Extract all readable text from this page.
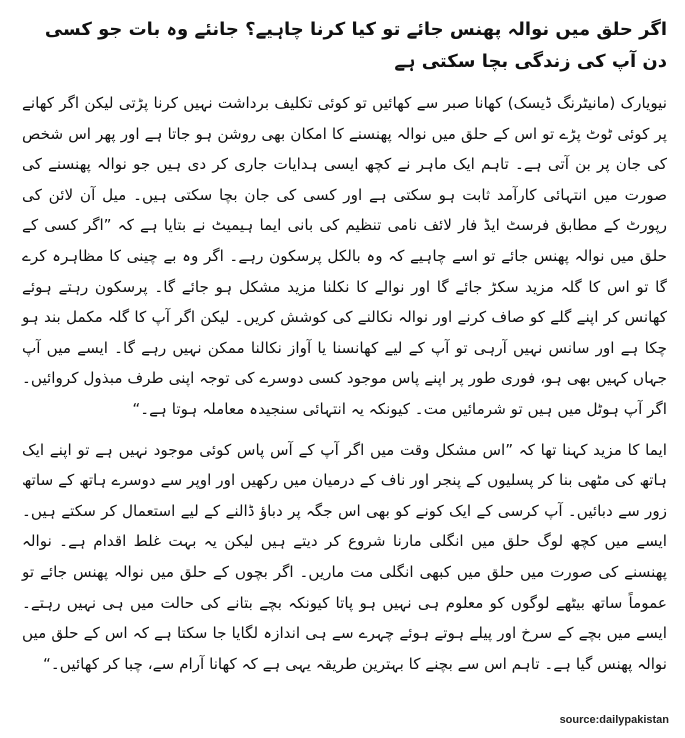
اگر حلق میں نوالہ پھنس جائے تو کیا کرنا چاہیے؟ جانئے وہ بات جو کسی دن آپ کی زندگی بچا سکتی ہے

نیویارک (مانیٹرنگ ڈیسک) کھانا صبر سے کھائیں تو کوئی تکلیف برداشت نہیں کرنا پڑتی لیکن اگر کھانے پر کوئی ٹوٹ پڑے تو اس کے حلق میں نوالہ پھنسنے کا امکان بھی روشن ہو جاتا ہے اور پھر اس شخص کی جان پر بن آتی ہے۔ تاہم ایک ماہر نے کچھ ایسی ہدایات جاری کر دی ہیں جو نوالہ پھنسنے کی صورت میں انتہائی کارآمد ثابت ہو سکتی ہے اور کسی کی جان بچا سکتی ہیں۔ میل آن لائن کی رپورٹ کے مطابق فرسٹ ایڈ فار لائف نامی تنظیم کی بانی ایما ہیمیٹ نے بتایا ہے کہ ”اگر کسی کے حلق میں نوالہ پھنس جائے تو اسے چاہیے کہ وہ بالکل پرسکون رہے۔ اگر وہ بے چینی کا مظاہرہ کرے گا تو اس کا گلہ مزید سکڑ جائے گا اور نوالے کا نکلنا مزید مشکل ہو جائے گا۔ پرسکون رہتے ہوئے کھانس کر اپنے گلے کو صاف کرنے اور نوالہ نکالنے کی کوشش کریں۔ لیکن اگر آپ کا گلہ مکمل بند ہو چکا ہے اور سانس نہیں آرہی تو آپ کے لیے کھانسنا یا آواز نکالنا ممکن نہیں رہے گا۔ ایسے میں آپ جہاں کہیں بھی ہو، فوری طور پر اپنے پاس موجود کسی دوسرے کی توجہ اپنی طرف مبذول کروائیں۔ اگر آپ ہوٹل میں ہیں تو شرمائیں مت۔ کیونکہ یہ انتہائی سنجیدہ معاملہ ہوتا ہے۔“

ایما کا مزید کہنا تھا کہ ”اس مشکل وقت میں اگر آپ کے آس پاس کوئی موجود نہیں ہے تو اپنے ایک ہاتھ کی مٹھی بنا کر پسلیوں کے پنجر اور ناف کے درمیان میں رکھیں اور اوپر سے دوسرے ہاتھ کے ساتھ زور سے دبائیں۔ آپ کرسی کے ایک کونے کو بھی اس جگہ پر دباؤ ڈالنے کے لیے استعمال کر سکتے ہیں۔ ایسے میں کچھ لوگ حلق میں انگلی مارنا شروع کر دیتے ہیں لیکن یہ بہت غلط اقدام ہے۔ نوالہ پھنسنے کی صورت میں حلق میں کبھی انگلی مت ماریں۔ اگر بچوں کے حلق میں نوالہ پھنس جائے تو عموماً ساتھ بیٹھے لوگوں کو معلوم ہی نہیں ہو پاتا کیونکہ بچے بتانے کی حالت میں ہی نہیں رہتے۔ ایسے میں بچے کے سرخ اور پیلے ہوتے ہوئے چہرے سے ہی اندازہ لگایا جا سکتا ہے کہ اس کے حلق میں نوالہ پھنس گیا ہے۔ تاہم اس سے بچنے کا بہترین طریقہ یہی ہے کہ کھانا آرام سے، چبا کر کھائیں۔“

source:dailypakistan
